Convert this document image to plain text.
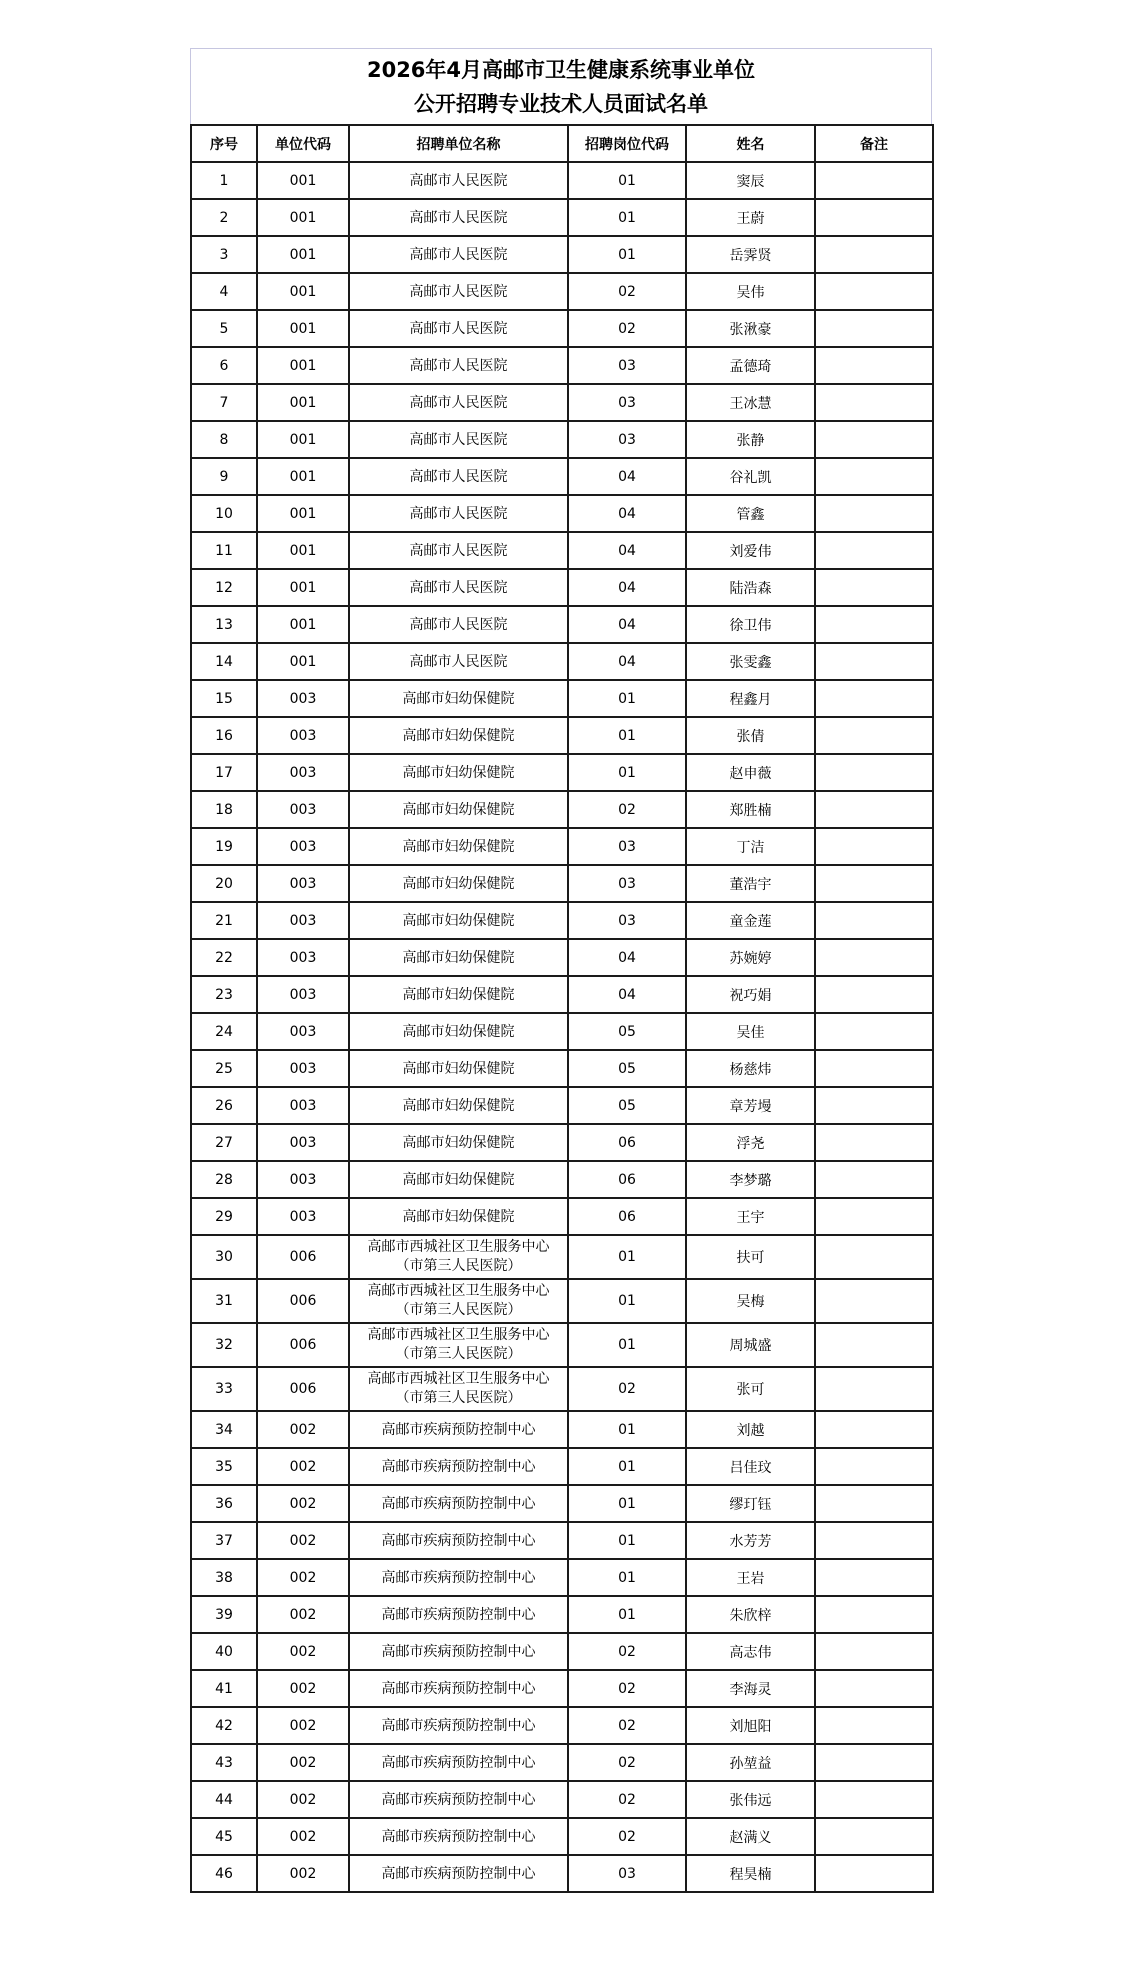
2026年4月高邮市卫生健康系统事业单位
公开招聘专业技术人员面试名单
序号	单位代码	招聘单位名称	招聘岗位代码	姓名	备注
1	001	高邮市人民医院	01	窦辰	
2	001	高邮市人民医院	01	王蔚	
3	001	高邮市人民医院	01	岳霁贤	
4	001	高邮市人民医院	02	吴伟	
5	001	高邮市人民医院	02	张湫豪	
6	001	高邮市人民医院	03	孟德琦	
7	001	高邮市人民医院	03	王冰慧	
8	001	高邮市人民医院	03	张静	
9	001	高邮市人民医院	04	谷礼凯	
10	001	高邮市人民医院	04	管鑫	
11	001	高邮市人民医院	04	刘爱伟	
12	001	高邮市人民医院	04	陆浩森	
13	001	高邮市人民医院	04	徐卫伟	
14	001	高邮市人民医院	04	张雯鑫	
15	003	高邮市妇幼保健院	01	程鑫月	
16	003	高邮市妇幼保健院	01	张倩	
17	003	高邮市妇幼保健院	01	赵申薇	
18	003	高邮市妇幼保健院	02	郑胜楠	
19	003	高邮市妇幼保健院	03	丁洁	
20	003	高邮市妇幼保健院	03	董浩宇	
21	003	高邮市妇幼保健院	03	童金莲	
22	003	高邮市妇幼保健院	04	苏婉婷	
23	003	高邮市妇幼保健院	04	祝巧娟	
24	003	高邮市妇幼保健院	05	吴佳	
25	003	高邮市妇幼保健院	05	杨慈炜	
26	003	高邮市妇幼保健院	05	章芳墁	
27	003	高邮市妇幼保健院	06	浮尧	
28	003	高邮市妇幼保健院	06	李梦璐	
29	003	高邮市妇幼保健院	06	王宇	
30	006	高邮市西城社区卫生服务中心
（市第三人民医院）	01	扶可	
31	006	高邮市西城社区卫生服务中心
（市第三人民医院）	01	吴梅	
32	006	高邮市西城社区卫生服务中心
（市第三人民医院）	01	周城盛	
33	006	高邮市西城社区卫生服务中心
（市第三人民医院）	02	张可	
34	002	高邮市疾病预防控制中心	01	刘越	
35	002	高邮市疾病预防控制中心	01	吕佳玟	
36	002	高邮市疾病预防控制中心	01	缪玎钰	
37	002	高邮市疾病预防控制中心	01	水芳芳	
38	002	高邮市疾病预防控制中心	01	王岩	
39	002	高邮市疾病预防控制中心	01	朱欣梓	
40	002	高邮市疾病预防控制中心	02	高志伟	
41	002	高邮市疾病预防控制中心	02	李海灵	
42	002	高邮市疾病预防控制中心	02	刘旭阳	
43	002	高邮市疾病预防控制中心	02	孙堃益	
44	002	高邮市疾病预防控制中心	02	张伟远	
45	002	高邮市疾病预防控制中心	02	赵满义	
46	002	高邮市疾病预防控制中心	03	程昊楠	
